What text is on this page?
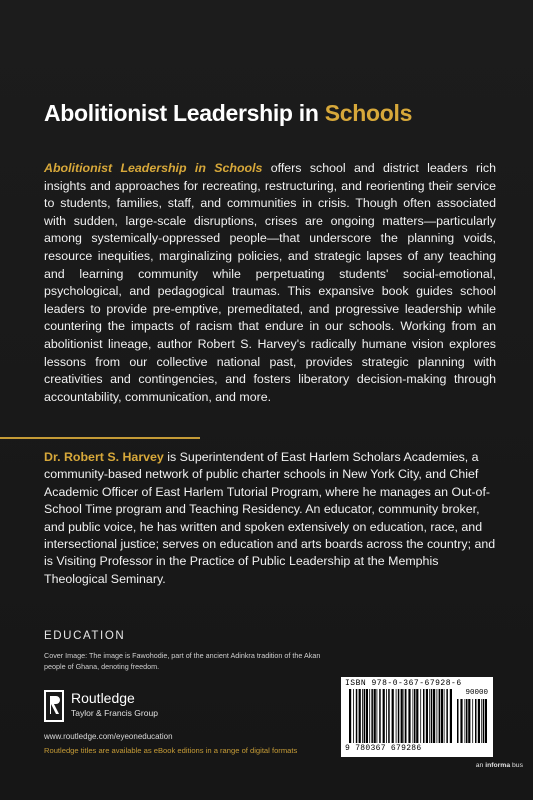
Abolitionist Leadership in Schools
Abolitionist Leadership in Schools offers school and district leaders rich insights and approaches for recreating, restructuring, and reorienting their service to students, families, staff, and communities in crisis. Though often associated with sudden, large-scale disruptions, crises are ongoing matters—particularly among systemically-oppressed people—that underscore the planning voids, resource inequities, marginalizing policies, and strategic lapses of any teaching and learning community while perpetuating students' social-emotional, psychological, and pedagogical traumas. This expansive book guides school leaders to provide pre-emptive, premeditated, and progressive leadership while countering the impacts of racism that endure in our schools. Working from an abolitionist lineage, author Robert S. Harvey's radically humane vision explores lessons from our collective national past, provides strategic planning with creativities and contingencies, and fosters liberatory decision-making through accountability, communication, and more.
Dr. Robert S. Harvey is Superintendent of East Harlem Scholars Academies, a community-based network of public charter schools in New York City, and Chief Academic Officer of East Harlem Tutorial Program, where he manages an Out-of-School Time program and Teaching Residency. An educator, community broker, and public voice, he has written and spoken extensively on education, race, and intersectional justice; serves on education and arts boards across the country; and is Visiting Professor in the Practice of Public Leadership at the Memphis Theological Seminary.
EDUCATION
Cover Image: The image is Fawohodie, part of the ancient Adinkra tradition of the Akan people of Ghana, denoting freedom.
Routledge
Taylor & Francis Group
www.routledge.com/eyeoneducation
Routledge titles are available as eBook editions in a range of digital formats
ISBN 978-0-367-67928-6
90000
9 780367 679286
an informa bus
